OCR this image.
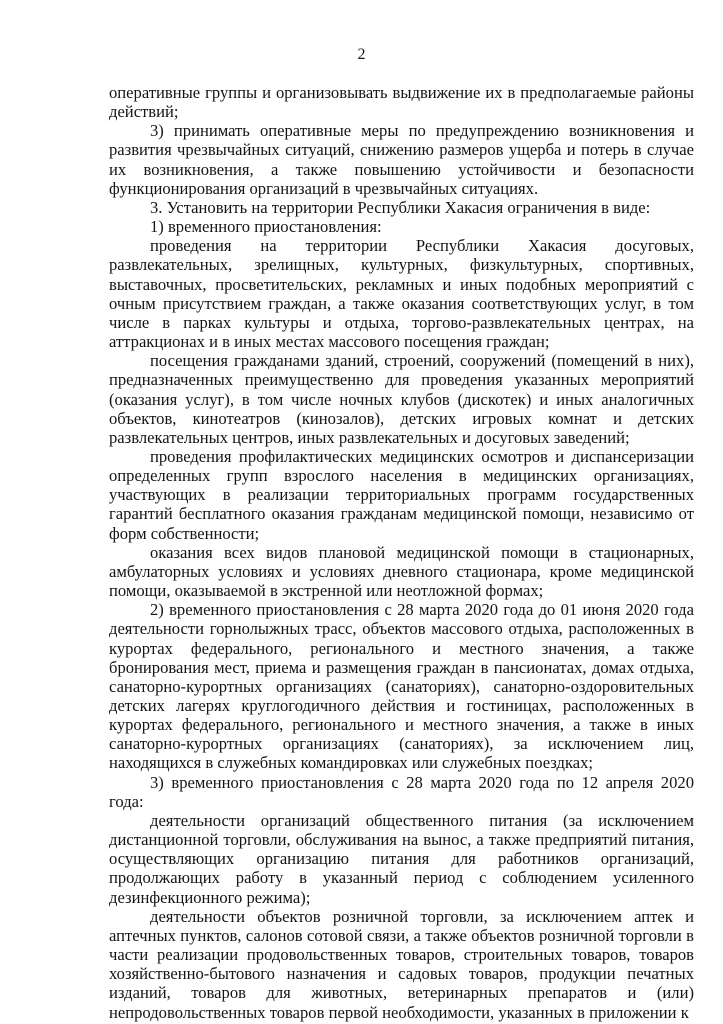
2

оперативные группы и организовывать выдвижение их в предполагаемые районы действий;

3) принимать оперативные меры по предупреждению возникновения и развития чрезвычайных ситуаций, снижению размеров ущерба и потерь в случае их возникновения, а также повышению устойчивости и безопасности функционирования организаций в чрезвычайных ситуациях.

3. Установить на территории Республики Хакасия ограничения в виде:

1) временного приостановления:

проведения на территории Республики Хакасия досуговых, развлекательных, зрелищных, культурных, физкультурных, спортивных, выставочных, просветительских, рекламных и иных подобных мероприятий с очным присутствием граждан, а также оказания соответствующих услуг, в том числе в парках культуры и отдыха, торгово-развлекательных центрах, на аттракционах и в иных местах массового посещения граждан;

посещения гражданами зданий, строений, сооружений (помещений в них), предназначенных преимущественно для проведения указанных мероприятий (оказания услуг), в том числе ночных клубов (дискотек) и иных аналогичных объектов, кинотеатров (кинозалов), детских игровых комнат и детских развлекательных центров, иных развлекательных и досуговых заведений;

проведения профилактических медицинских осмотров и диспансеризации определенных групп взрослого населения в медицинских организациях, участвующих в реализации территориальных программ государственных гарантий бесплатного оказания гражданам медицинской помощи, независимо от форм собственности;

оказания всех видов плановой медицинской помощи в стационарных, амбулаторных условиях и условиях дневного стационара, кроме медицинской помощи, оказываемой в экстренной или неотложной формах;

2) временного приостановления с 28 марта 2020 года до 01 июня 2020 года деятельности горнолыжных трасс, объектов массового отдыха, расположенных в курортах федерального, регионального и местного значения, а также бронирования мест, приема и размещения граждан в пансионатах, домах отдыха, санаторно-курортных организациях (санаториях), санаторно-оздоровительных детских лагерях круглогодичного действия и гостиницах, расположенных в курортах федерального, регионального и местного значения, а также в иных санаторно-курортных организациях (санаториях), за исключением лиц, находящихся в служебных командировках или служебных поездках;

3) временного приостановления с 28 марта 2020 года по 12 апреля 2020 года:

деятельности организаций общественного питания (за исключением дистанционной торговли, обслуживания на вынос, а также предприятий питания, осуществляющих организацию питания для работников организаций, продолжающих работу в указанный период с соблюдением усиленного дезинфекционного режима);

деятельности объектов розничной торговли, за исключением аптек и аптечных пунктов, салонов сотовой связи, а также объектов розничной торговли в части реализации продовольственных товаров, строительных товаров, товаров хозяйственно-бытового назначения и садовых товаров, продукции печатных изданий, товаров для животных, ветеринарных препаратов и (или) непродовольственных товаров первой необходимости, указанных в приложении к
